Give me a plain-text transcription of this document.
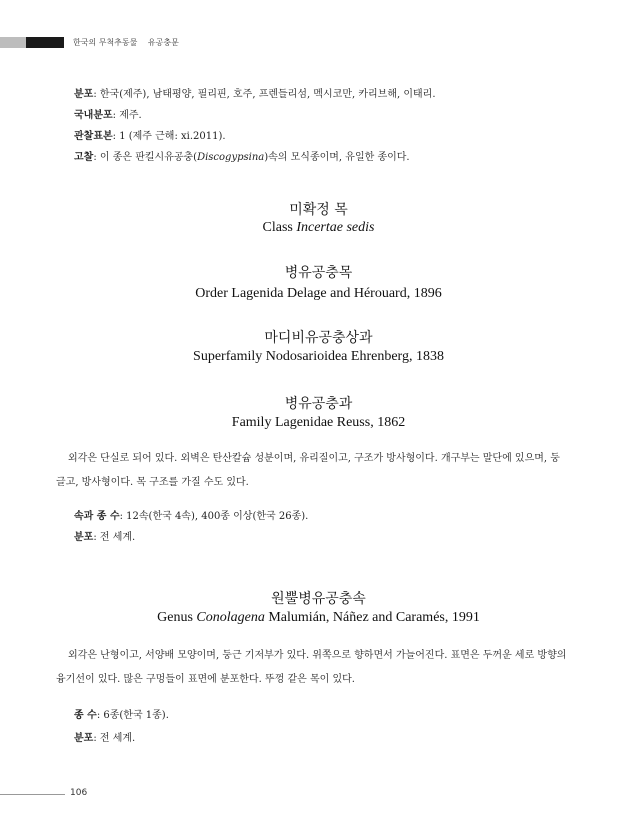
한국의 무척추동물 유공충문
분포: 한국(제주), 남태평양, 필리핀, 호주, 프렌들리섬, 멕시코만, 카리브해, 이태리.
국내분포: 제주.
관찰표본: 1 (제주 근해: xi.2011).
고찰: 이 종은 판킬시유공충(Discogypsina)속의 모식종이며, 유일한 종이다.
미확정 목
Class Incertae sedis
병유공충목
Order Lagenida Delage and Hérouard, 1896
마디비유공충상과
Superfamily Nodosarioidea Ehrenberg, 1838
병유공충과
Family Lagenidae Reuss, 1862
외각은 단실로 되어 있다. 외벽은 탄산칼슘 성분이며, 유리질이고, 구조가 방사형이다. 개구부는 말단에 있으며, 둥글고, 방사형이다. 목 구조를 가질 수도 있다.
속과 종 수: 12속(한국 4속), 400종 이상(한국 26종).
분포: 전 세계.
원뿔병유공충속
Genus Conolagena Malumián, Náñez and Caramés, 1991
외각은 난형이고, 서양배 모양이며, 둥근 기저부가 있다. 위쪽으로 향하면서 가늘어진다. 표면은 두꺼운 세로 방향의 융기선이 있다. 많은 구멍들이 표면에 분포한다. 뚜껑 같은 목이 있다.
종 수: 6종(한국 1종).
분포: 전 세계.
106
